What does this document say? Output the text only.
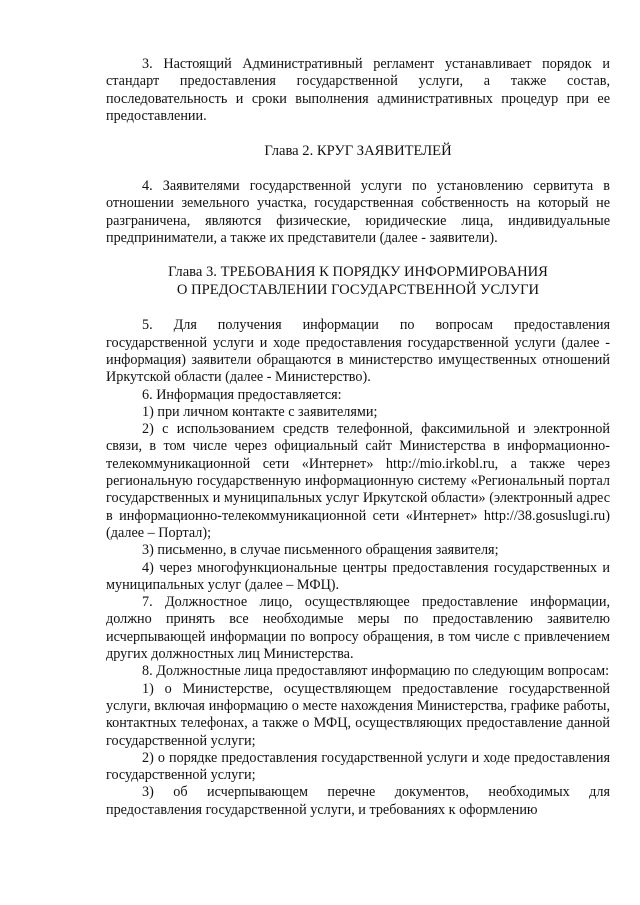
3. Настоящий Административный регламент устанавливает порядок и стандарт предоставления государственной услуги, а также состав, последовательность и сроки выполнения административных процедур при ее предоставлении.

Глава 2. КРУГ ЗАЯВИТЕЛЕЙ

4. Заявителями государственной услуги по установлению сервитута в отношении земельного участка, государственная собственность на который не разграничена, являются физические, юридические лица, индивидуальные предприниматели, а также их представители (далее - заявители).

Глава 3. ТРЕБОВАНИЯ К ПОРЯДКУ ИНФОРМИРОВАНИЯ

О ПРЕДОСТАВЛЕНИИ ГОСУДАРСТВЕННОЙ УСЛУГИ

5. Для получения информации по вопросам предоставления государственной услуги и ходе предоставления государственной услуги (далее - информация) заявители обращаются в министерство имущественных отношений Иркутской области (далее - Министерство).

6. Информация предоставляется:

1) при личном контакте с заявителями;

2) с использованием средств телефонной, факсимильной и электронной связи, в том числе через официальный сайт Министерства в информационно-телекоммуникационной сети «Интернет» http://mio.irkobl.ru, а также через региональную государственную информационную систему «Региональный портал государственных и муниципальных услуг Иркутской области» (электронный адрес в информационно-телекоммуникационной сети «Интернет» http://38.gosuslugi.ru) (далее – Портал);

3) письменно, в случае письменного обращения заявителя;

4) через многофункциональные центры предоставления государственных и муниципальных услуг (далее – МФЦ).

7. Должностное лицо, осуществляющее предоставление информации, должно принять все необходимые меры по предоставлению заявителю исчерпывающей информации по вопросу обращения, в том числе с привлечением других должностных лиц Министерства.

8. Должностные лица предоставляют информацию по следующим вопросам:

1) о Министерстве, осуществляющем предоставление государственной услуги, включая информацию о месте нахождения Министерства, графике работы, контактных телефонах, а также о МФЦ, осуществляющих предоставление данной государственной услуги;

2) о порядке предоставления государственной услуги и ходе предоставления государственной услуги;

3) об исчерпывающем перечне документов, необходимых для предоставления государственной услуги, и требованиях к оформлению
